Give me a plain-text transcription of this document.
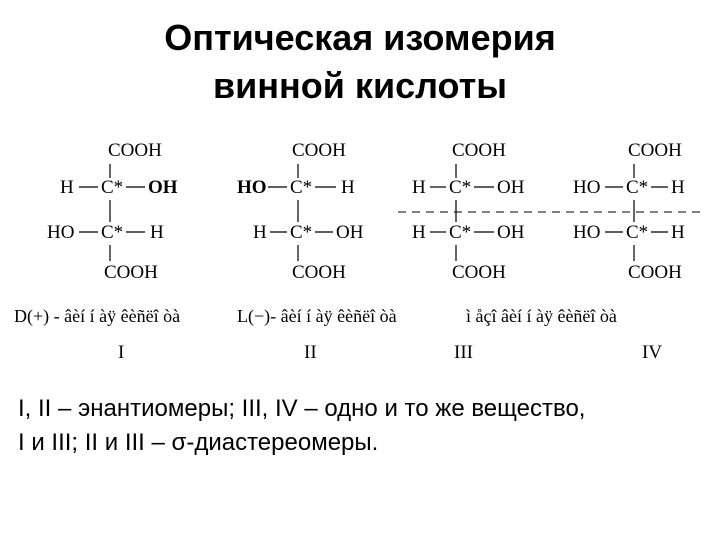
Оптическая изомерия
винной кислоты
COOH
H C* OH
HO C* H
COOH
D(+) - âèí í àÿ êèñëî òà
I
COOH
HO C* H
H C* OH
COOH
L(−)- âèí í àÿ êèñëî òà
II
COOH
H C* OH
H C* OH
COOH
ì åçî âèí í àÿ êèñëî òà
III
COOH
HO C* H
HO C* H
COOH
IV
I, II – энантиомеры; III, IV – одно и то же вещество,
I и III; II и III – σ-диастереомеры.
